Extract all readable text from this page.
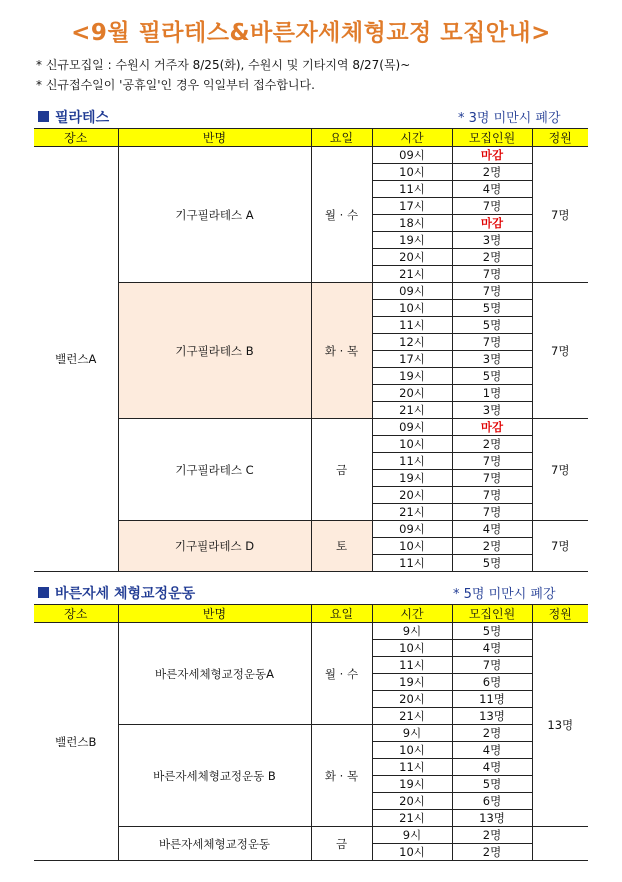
<9월 필라테스&바른자세체형교정 모집안내>
* 신규모집일 : 수원시 거주자 8/25(화), 수원시 및 기타지역 8/27(목)~
* 신규접수일이 '공휴일'인 경우 익일부터 접수합니다.
필라테스	* 3명 미만시 폐강
장소	반명	요일	시간	모집인원	정원
밸런스A	기구필라테스 A	월 · 수	09시	마감	7명
			10시	2명	
			11시	4명	
			17시	7명	
			18시	마감	
			19시	3명	
			20시	2명	
			21시	7명	
	기구필라테스 B	화 · 목	09시	7명	7명
			10시	5명	
			11시	5명	
			12시	7명	
			17시	3명	
			19시	5명	
			20시	1명	
			21시	3명	
	기구필라테스 C	금	09시	마감	7명
			10시	2명	
			11시	7명	
			19시	7명	
			20시	7명	
			21시	7명	
	기구필라테스 D	토	09시	4명	7명
			10시	2명	
			11시	5명	
바른자세 체형교정운동	* 5명 미만시 폐강
장소	반명	요일	시간	모집인원	정원
밸런스B	바른자세체형교정운동A	월 · 수	9시	5명	13명
			10시	4명	
			11시	7명	
			19시	6명	
			20시	11명	
			21시	13명	
	바른자세체형교정운동 B	화 · 목	9시	2명	
			10시	4명	
			11시	4명	
			19시	5명	
			20시	6명	
			21시	13명	
	바른자세체형교정운동	금	9시	2명	
			10시	2명	
